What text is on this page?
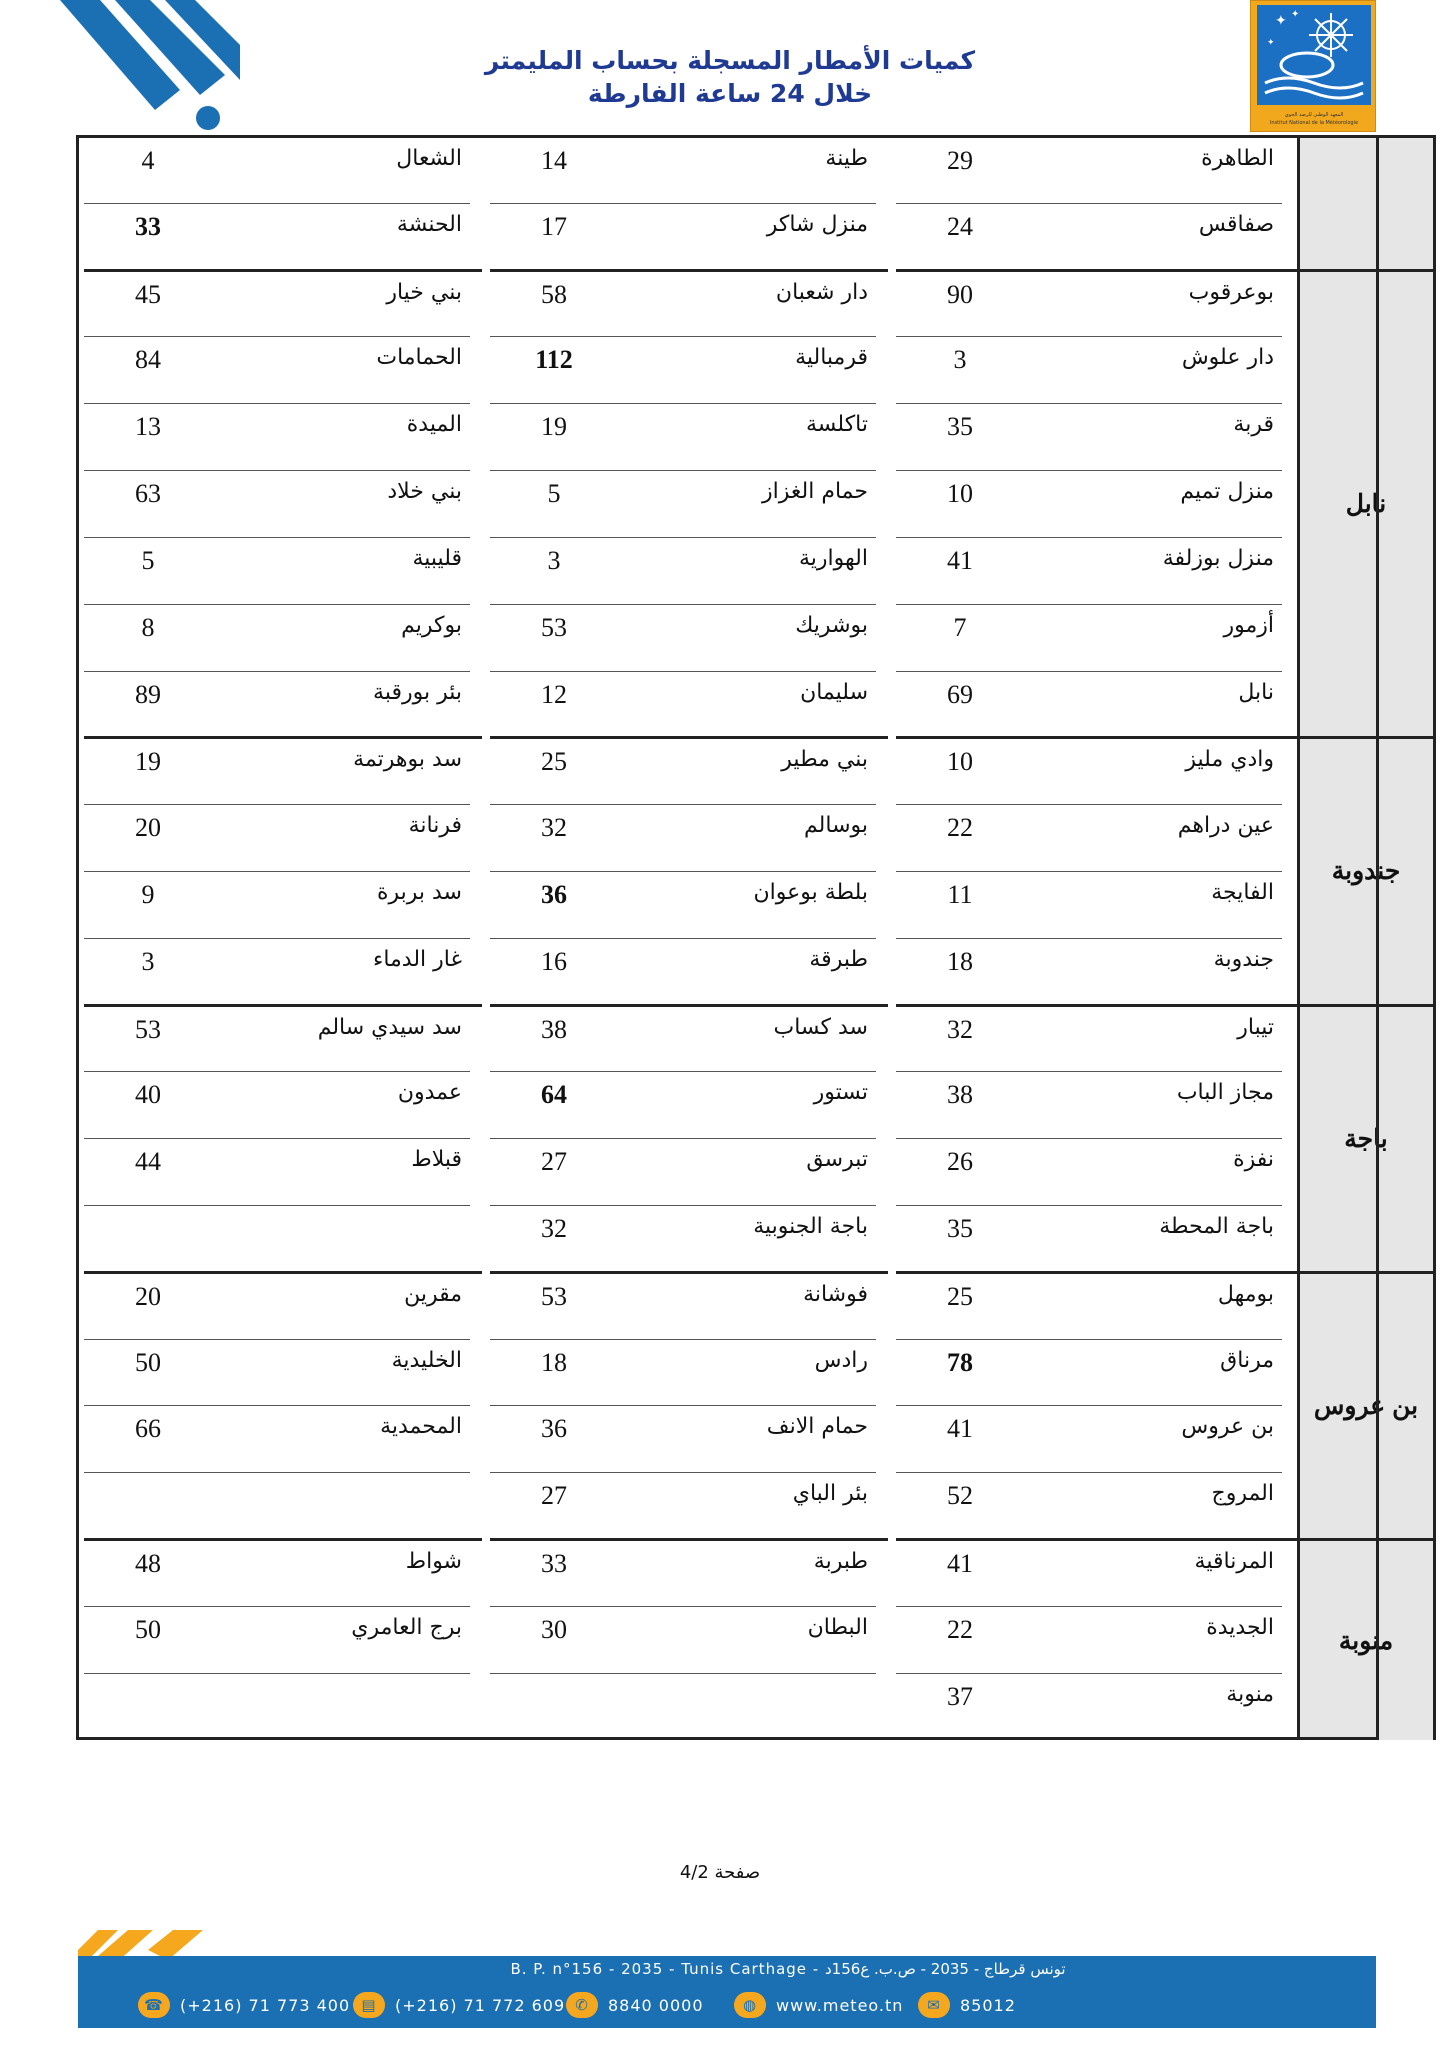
كميات الأمطار المسجلة بحساب المليمتر
خلال 24 ساعة الفارطة
✦ ✦
✦
المعهد الوطني للرصد الجوي
Institut National de la Météorologie
		الطاهرة	29		طينة	14		الشعال	4
		صفاقس	24		منزل شاكر	17		الحنشة	33
نابل		بوعرقوب	90		دار شعبان	58		بني خيار	45
		دار علوش	3		قرمبالية	112		الحمامات	84
		قربة	35		تاكلسة	19		الميدة	13
		منزل تميم	10		حمام الغزاز	5		بني خلاد	63
		منزل بوزلفة	41		الهوارية	3		قليبية	5
		أزمور	7		بوشريك	53		بوكريم	8
		نابل	69		سليمان	12		بئر بورقبة	89
جندوبة		وادي مليز	10		بني مطير	25		سد بوهرتمة	19
		عين دراهم	22		بوسالم	32		فرنانة	20
		الفايجة	11		بلطة بوعوان	36		سد بربرة	9
		جندوبة	18		طبرقة	16		غار الدماء	3
باجة		تيبار	32		سد كساب	38		سد سيدي سالم	53
		مجاز الباب	38		تستور	64		عمدون	40
		نفزة	26		تبرسق	27		قبلاط	44
		باجة المحطة	35		باجة الجنوبية	32			
بن عروس		بومهل	25		فوشانة	53		مقرين	20
		مرناق	78		رادس	18		الخليدية	50
		بن عروس	41		حمام الانف	36		المحمدية	66
		المروج	52		بئر الباي	27			
منوبة		المرناقية	41		طبربة	33		شواط	48
		الجديدة	22		البطان	30		برج العامري	50
		منوبة	37						
صفحة 4/2
B. P. n°156 - 2035 - Tunis Carthage - تونس قرطاج - 2035 - ص.ب. ع156د
☎	(+216) 71 773 400 ▤	(+216) 71 772 609 ✆	8840 0000	◍	www.meteo.tn	✉	85012
